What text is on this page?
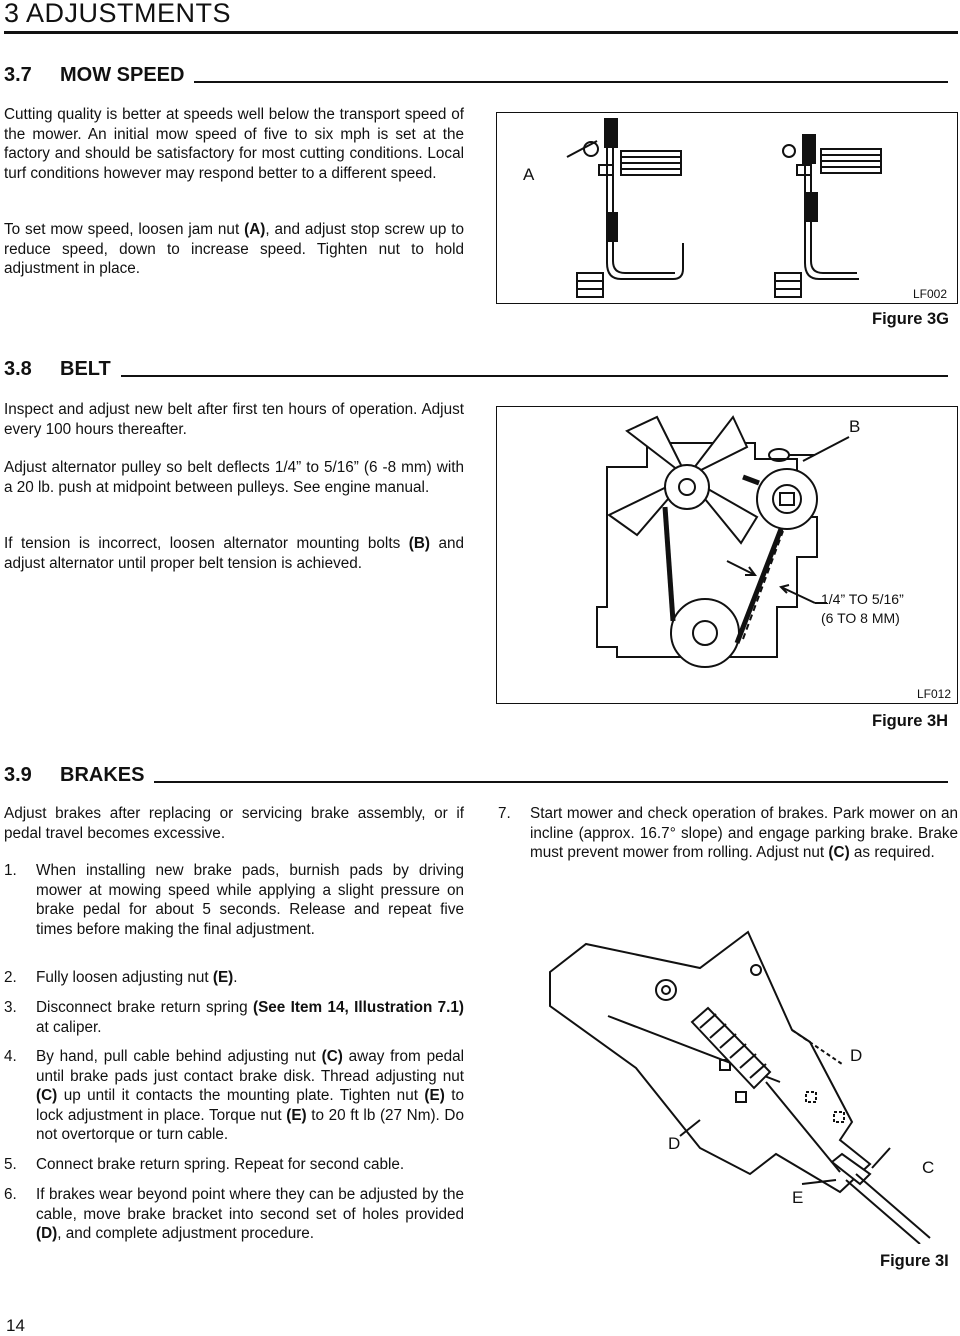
3 ADJUSTMENTS
3.7	MOW SPEED

Cutting quality is better at speeds well below the transport speed of the mower. An initial mow speed of five to six mph is set at the factory and should be satisfactory for most cutting conditions. Local turf conditions however may respond better to a different speed.

To set mow speed, loosen jam nut (A), and adjust stop screw up to reduce speed, down to increase speed. Tighten nut to hold adjustment in place.

A
LF002
Figure 3G
3.8	BELT

Inspect and adjust new belt after first ten hours of operation. Adjust every 100 hours thereafter.

Adjust alternator pulley so belt deflects 1/4” to 5/16” (6 -8 mm) with a 20 lb. push at midpoint between pulleys. See engine manual.

If tension is incorrect, loosen alternator mounting bolts (B) and adjust alternator until proper belt tension is achieved.

B
1/4” TO 5/16”
(6 TO 8 MM)
LF012
Figure 3H
3.9	BRAKES

Adjust brakes after replacing or servicing brake assembly, or if pedal travel becomes excessive.

1.	When installing new brake pads, burnish pads by driving mower at mowing speed while applying a slight pressure on brake pedal for about 5 seconds. Release and repeat five times before making the final adjustment.
2.	Fully loosen adjusting nut (E).
3.	Disconnect brake return spring (See Item 14, Illustration 7.1) at caliper.
4.	By hand, pull cable behind adjusting nut (C) away from pedal until brake pads just contact brake disk. Thread adjusting nut (C) up until it contacts the mounting plate. Tighten nut (E) to lock adjustment in place. Torque nut (E) to 20 ft lb (27 Nm). Do not overtorque or turn cable.
5.	Connect brake return spring. Repeat for second cable.
6.	If brakes wear beyond point where they can be adjusted by the cable, move brake bracket into second set of holes provided (D), and complete adjustment procedure.
7.	Start mower and check operation of brakes. Park mower on an incline (approx. 16.7° slope) and engage parking brake. Brake must prevent mower from rolling. Adjust nut (C) as required.
D
D
C
E
Figure 3I
14
